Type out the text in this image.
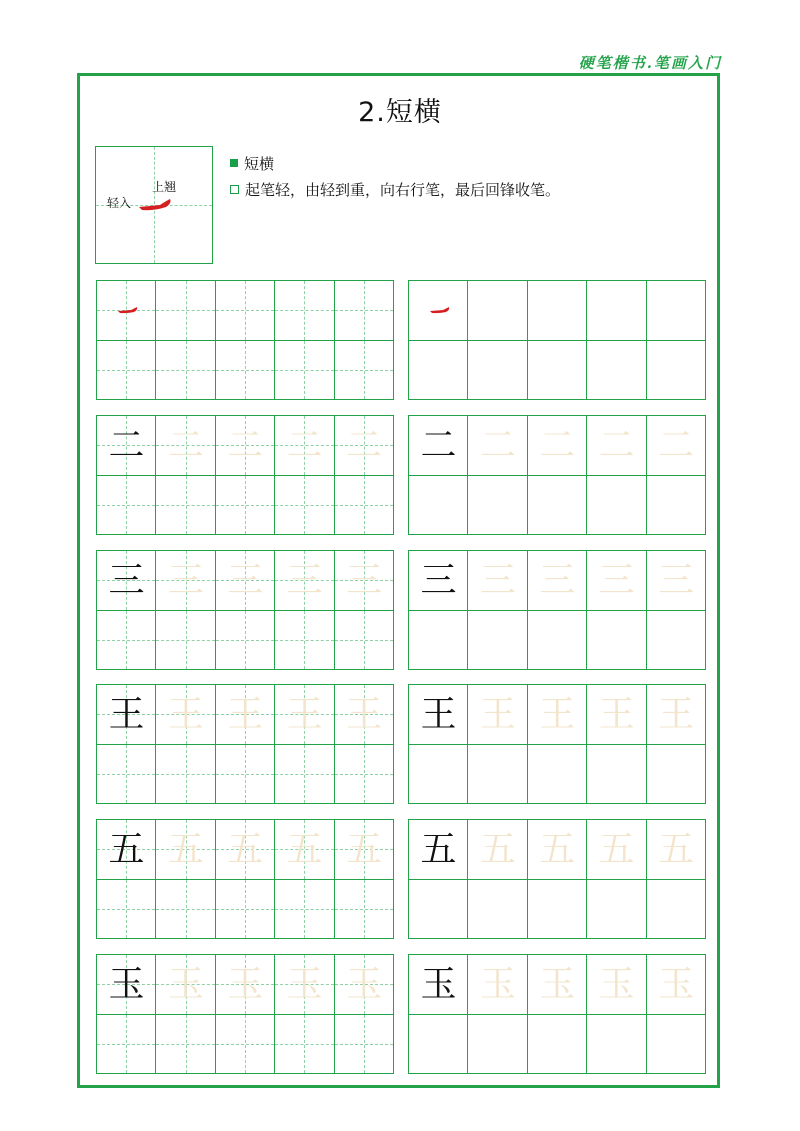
硬笔楷书.笔画入门
2.短横
轻入
上翘
短横
起笔轻，由轻到重，向右行笔，最后回锋收笔。
二 二 二 二 二	二 二 二 二 二
三 三 三 三 三	三 三 三 三 三
王 王 王 王 王	王 王 王 王 王
五 五 五 五 五	五 五 五 五 五
玉 玉 玉 玉 玉	玉 玉 玉 玉 玉
